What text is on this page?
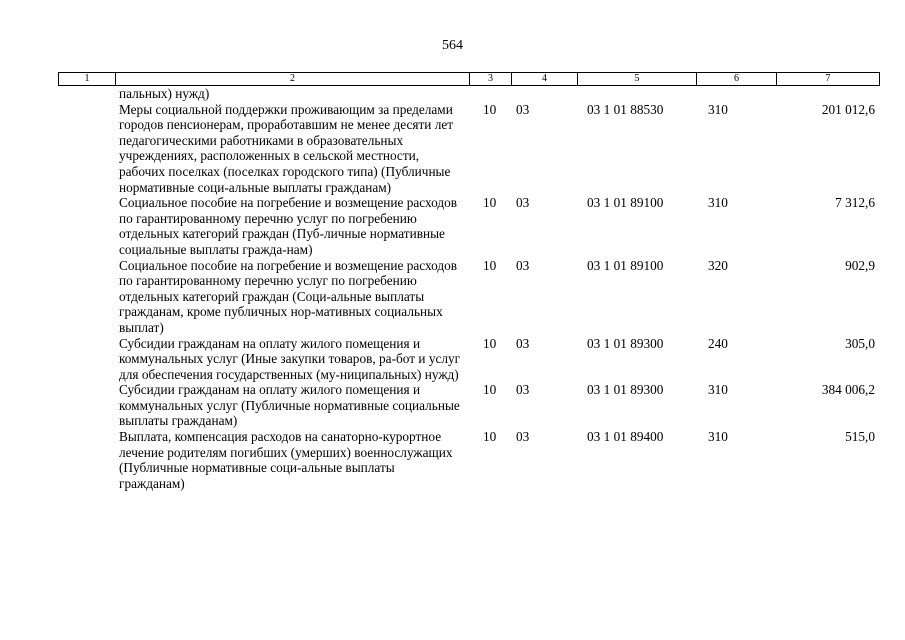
564
1	2	3	4	5	6	7
пальных) нужд)					
Меры социальной поддержки проживающим за пределами городов пенсионерам, проработавшим не менее десяти лет педагогическими работниками в образовательных учреждениях, расположенных в сельской местности, рабочих поселках (поселках городского типа) (Публичные нормативные соци-альные выплаты гражданам)	10	03	03 1 01 88530	310	201 012,6
Социальное пособие на погребение и возмещение расходов по гарантированному перечню услуг по погребению отдельных категорий граждан (Пуб-личные нормативные социальные выплаты гражда-нам)	10	03	03 1 01 89100	310	7 312,6
Социальное пособие на погребение и возмещение расходов по гарантированному перечню услуг по погребению отдельных категорий граждан (Соци-альные выплаты гражданам, кроме публичных нор-мативных социальных выплат)	10	03	03 1 01 89100	320	902,9
Субсидии гражданам на оплату жилого помещения и коммунальных услуг (Иные закупки товаров, ра-бот и услуг для обеспечения государственных (му-ниципальных) нужд)	10	03	03 1 01 89300	240	305,0
Субсидии гражданам на оплату жилого помещения и коммунальных услуг (Публичные нормативные социальные выплаты гражданам)	10	03	03 1 01 89300	310	384 006,2
Выплата, компенсация расходов на санаторно-курортное лечение родителям погибших (умерших) военнослужащих (Публичные нормативные соци-альные выплаты гражданам)	10	03	03 1 01 89400	310	515,0
